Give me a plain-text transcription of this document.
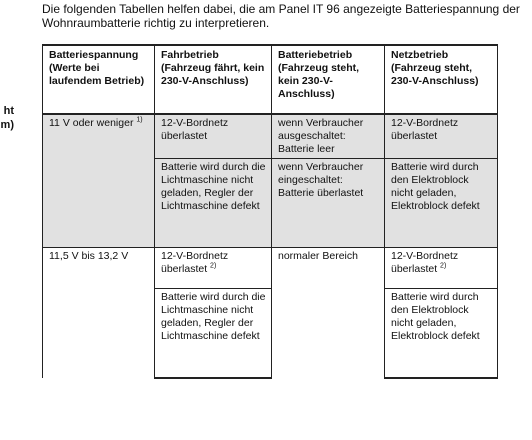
Die folgenden Tabellen helfen dabei, die am Panel IT 96 angezeigte Batteriespannung der Wohnraumbatterie richtig zu interpretieren.
ht
m)
Batteriespannung (Werte bei laufendem Betrieb)	Fahrbetrieb (Fahrzeug fährt, kein 230-V-Anschluss)	Batteriebetrieb (Fahrzeug steht, kein 230-V-Anschluss)	Netzbetrieb (Fahrzeug steht, 230-V-Anschluss)
11 V oder weniger $^{1)}$	12-V-Bordnetz überlastet	wenn Verbraucher ausgeschaltet: Batterie leer	12-V-Bordnetz überlastet
	Batterie wird durch die Lichtmaschine nicht geladen, Regler der Lichtmaschine defekt	wenn Verbraucher eingeschaltet: Batterie überlastet	Batterie wird durch den Elektroblock nicht geladen, Elektroblock defekt
11,5 V bis 13,2 V	12-V-Bordnetz überlastet $^{2)}$	normaler Bereich	12-V-Bordnetz überlastet $^{2)}$
	Batterie wird durch die Lichtmaschine nicht geladen, Regler der Lichtmaschine defekt		Batterie wird durch den Elektroblock nicht geladen, Elektroblock defekt
